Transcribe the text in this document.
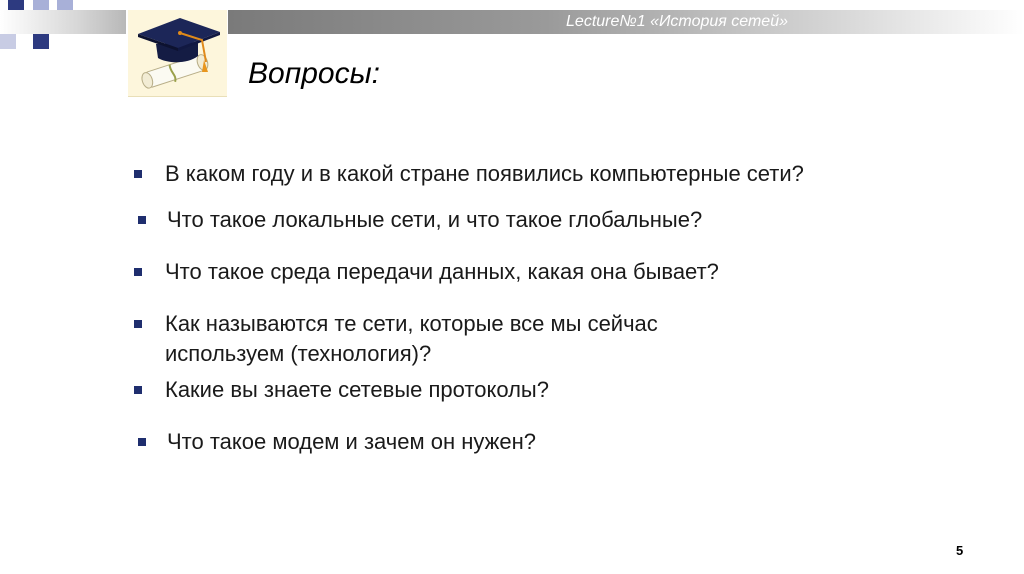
Lecture№1 «История сетей»
Вопросы:
В каком году и в какой стране появились компьютерные сети?
Что такое локальные сети, и что такое глобальные?
Что такое среда передачи данных, какая она бывает?
Как называются те сети, которые все мы сейчас
используем (технология)?
Какие вы знаете сетевые протоколы?
Что такое модем и зачем он нужен?
5
